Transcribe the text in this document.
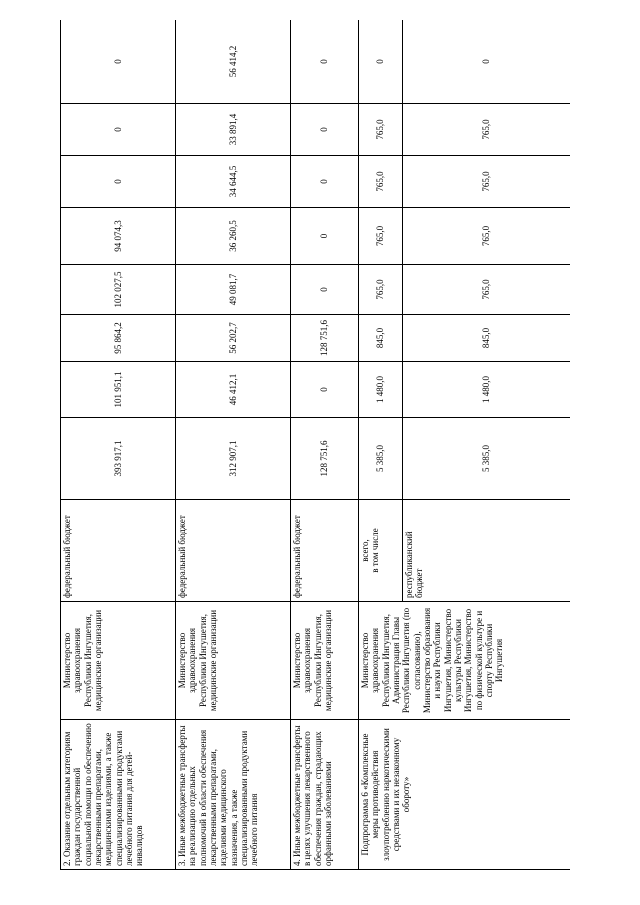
2. Оказание отдельным категориям граждан государственной социальной помощи по обеспечению лекарственными препаратами, медицинскими изделиями, а также специализированными продуктами лечебного питания для детей-инвалидов	Министерство здравоохранения Республики Ингушетия, медицинские организации	федеральный бюджет	393 917,1	101 951,1	95 864,2	102 027,5	94 074,3	0	0	0
3. Иные межбюджетные трансферты на реализацию отдельных полномочий в области обеспечения лекарственными препаратами, изделиями медицинского назначения, а также специализированными продуктами лечебного питания	Министерство здравоохранения Республики Ингушетия, медицинские организации	федеральный бюджет	312 907,1	46 412,1	56 202,7	49 081,7	36 260,5	34 644,5	33 891,4	56 414,2
4. Иные межбюджетные трансферты в целях улучшения лекарственного обеспечения граждан, страдающих орфанными заболеваниями	Министерство здравоохранения Республики Ингушетия, медицинские организации	федеральный бюджет	128 751,6	0	128 751,6	0	0	0	0	0
Подпрограмма 6 «Комплексные меры противодействия злоупотреблению наркотическими средствами и их незаконному обороту»	Министерство здравоохранения Республики Ингушетия, Администрация Главы Республики Ингушетия (по согласованию), Министерство образования и науки Республики Ингушетия, Министерство культуры Республики Ингушетия, Министерство по физической культуре и спорту Республики Ингушетия	всего, в том числе	5 385,0	1 480,0	845,0	765,0	765,0	765,0	765,0	0
		республиканский бюджет	5 385,0	1 480,0	845,0	765,0	765,0	765,0	765,0	0
